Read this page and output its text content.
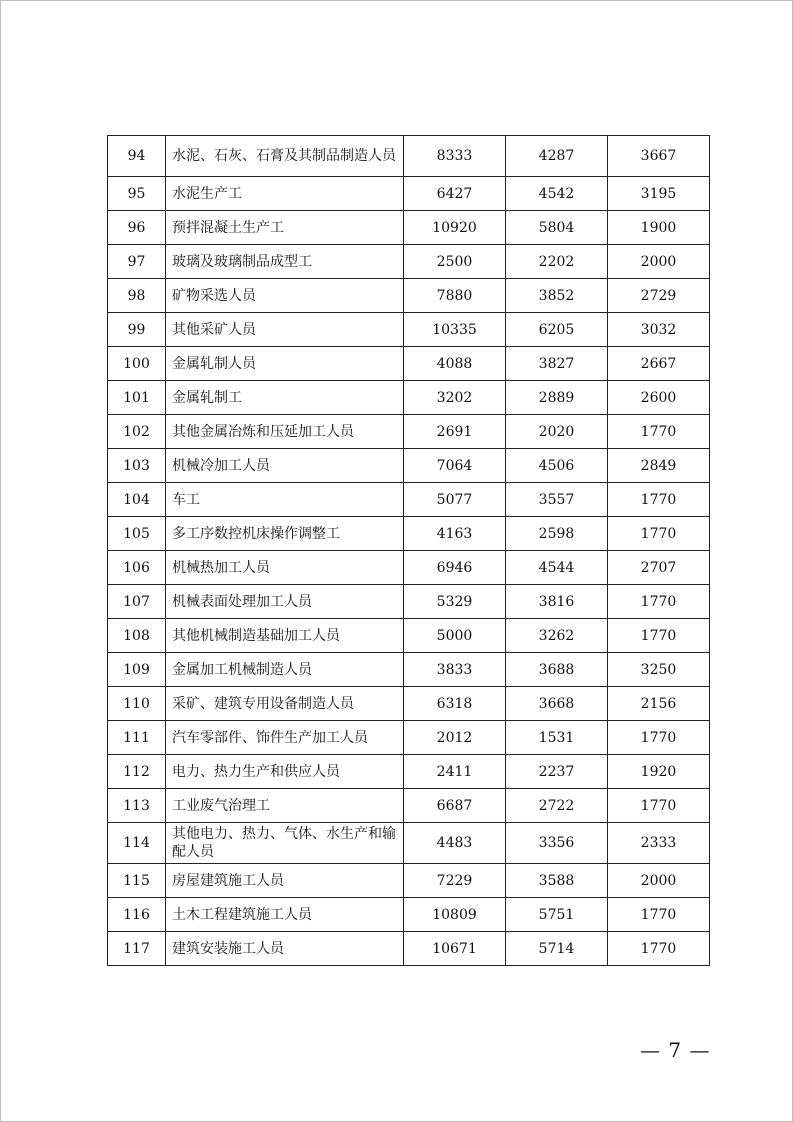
94	水泥、石灰、石膏及其制品制造人员	8333	4287	3667
95	水泥生产工	6427	4542	3195
96	预拌混凝土生产工	10920	5804	1900
97	玻璃及玻璃制品成型工	2500	2202	2000
98	矿物采选人员	7880	3852	2729
99	其他采矿人员	10335	6205	3032
100	金属轧制人员	4088	3827	2667
101	金属轧制工	3202	2889	2600
102	其他金属冶炼和压延加工人员	2691	2020	1770
103	机械冷加工人员	7064	4506	2849
104	车工	5077	3557	1770
105	多工序数控机床操作调整工	4163	2598	1770
106	机械热加工人员	6946	4544	2707
107	机械表面处理加工人员	5329	3816	1770
108	其他机械制造基础加工人员	5000	3262	1770
109	金属加工机械制造人员	3833	3688	3250
110	采矿、建筑专用设备制造人员	6318	3668	2156
111	汽车零部件、饰件生产加工人员	2012	1531	1770
112	电力、热力生产和供应人员	2411	2237	1920
113	工业废气治理工	6687	2722	1770
114	其他电力、热力、气体、水生产和输配人员	4483	3356	2333
115	房屋建筑施工人员	7229	3588	2000
116	土木工程建筑施工人员	10809	5751	1770
117	建筑安装施工人员	10671	5714	1770
— 7 —
